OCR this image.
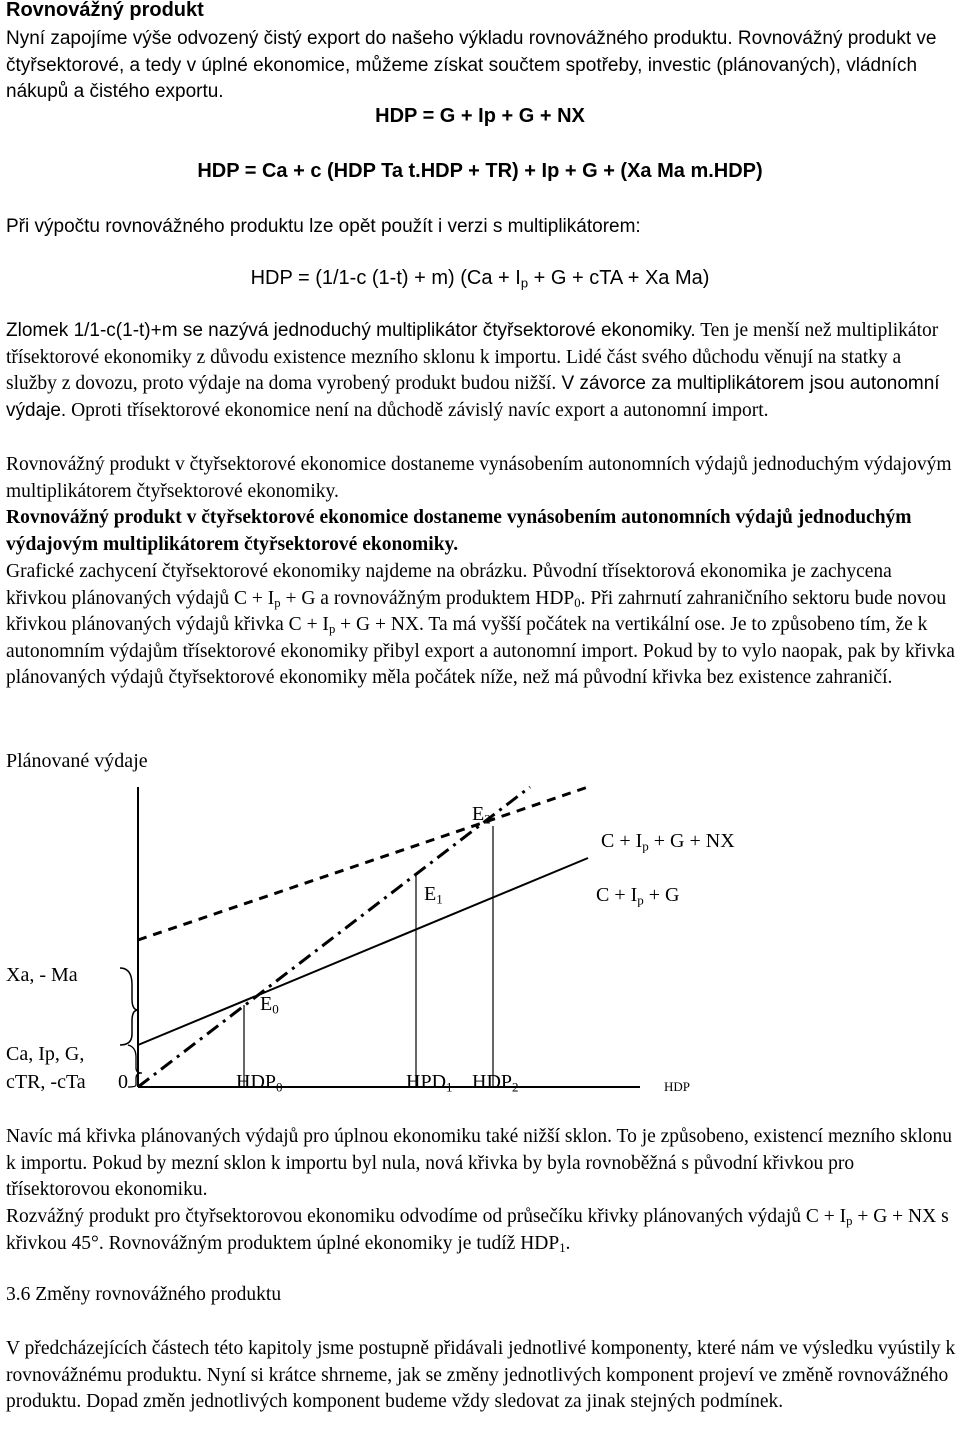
Rovnovážný produkt

Nyní zapojíme výše odvozený čistý export do našeho výkladu rovnovážného produktu. Rovnovážný produkt ve čtyřsektorové, a tedy v úplné ekonomice, můžeme získat součtem spotřeby, investic (plánovaných), vládních nákupů a čistého exportu.

HDP = G + Ip + G + NX
HDP = Ca + c (HDP Ta t.HDP + TR) + Ip + G + (Xa Ma m.HDP)

Při výpočtu rovnovážného produktu lze opět použít i verzi s multiplikátorem:

HDP = (1/1-c (1-t) + m) ($Ca + I_p + G$ + cTA + Xa Ma)

Zlomek 1/1-c(1-t)+m se nazývá jednoduchý multiplikátor čtyřsektorové ekonomiky. Ten je menší než multiplikátor třísektorové ekonomiky z důvodu existence mezního sklonu k importu. Lidé část svého důchodu věnují na statky a služby z dovozu, proto výdaje na doma vyrobený produkt budou nižší. V závorce za multiplikátorem jsou autonomní výdaje. Oproti třísektorové ekonomice není na důchodě závislý navíc export a autonomní import.

Rovnovážný produkt v čtyřsektorové ekonomice dostaneme vynásobením autonomních výdajů jednoduchým výdajovým multiplikátorem čtyřsektorové ekonomiky.

Rovnovážný produkt v čtyřsektorové ekonomice dostaneme vynásobením autonomních výdajů jednoduchým výdajovým multiplikátorem čtyřsektorové ekonomiky.

Grafické zachycení čtyřsektorové ekonomiky najdeme na obrázku. Původní třísektorová ekonomika je zachycena křivkou plánovaných výdajů $C + I_p + G$ a rovnovážným produktem $HDP_0$. Při zahrnutí zahraničního sektoru bude novou křivkou plánovaných výdajů křivka $C + I_p + G$ + NX. Ta má vyšší počátek na vertikální ose. Je to způsobeno tím, že k autonomním výdajům třísektorové ekonomiky přibyl export a autonomní import. Pokud by to vylo naopak, pak by křivka plánovaných výdajů čtyřsektorové ekonomiky měla počátek níže, než má původní křivka bez existence zahraničí.

Plánované výdaje
$E_2$
$E_1$
$E_0$
$C + I_p + G$ + NX
$C + I_p + G$
Xa, - Ma
Ca, Ip, G,
cTR, -cTa 0	$HDP_0$	$HPD_1$ $HDP_2$	HDP

Navíc má křivka plánovaných výdajů pro úplnou ekonomiku také nižší sklon. To je způsobeno, existencí mezního sklonu k importu. Pokud by mezní sklon k importu byl nula, nová křivka by byla rovnoběžná s původní křivkou pro třísektorovou ekonomiku.

Rozvážný produkt pro čtyřsektorovou ekonomiku odvodíme od průsečíku křivky plánovaných výdajů $C + I_p + G$ + NX s křivkou 45°. Rovnovážným produktem úplné ekonomiky je tudíž $HDP_1$.

3.6 Změny rovnovážného produktu

V předcházejících částech této kapitoly jsme postupně přidávali jednotlivé komponenty, které nám ve výsledku vyústily k rovnovážnému produktu. Nyní si krátce shrneme, jak se změny jednotlivých komponent projeví ve změně rovnovážného produktu. Dopad změn jednotlivých komponent budeme vždy sledovat za jinak stejných podmínek.
